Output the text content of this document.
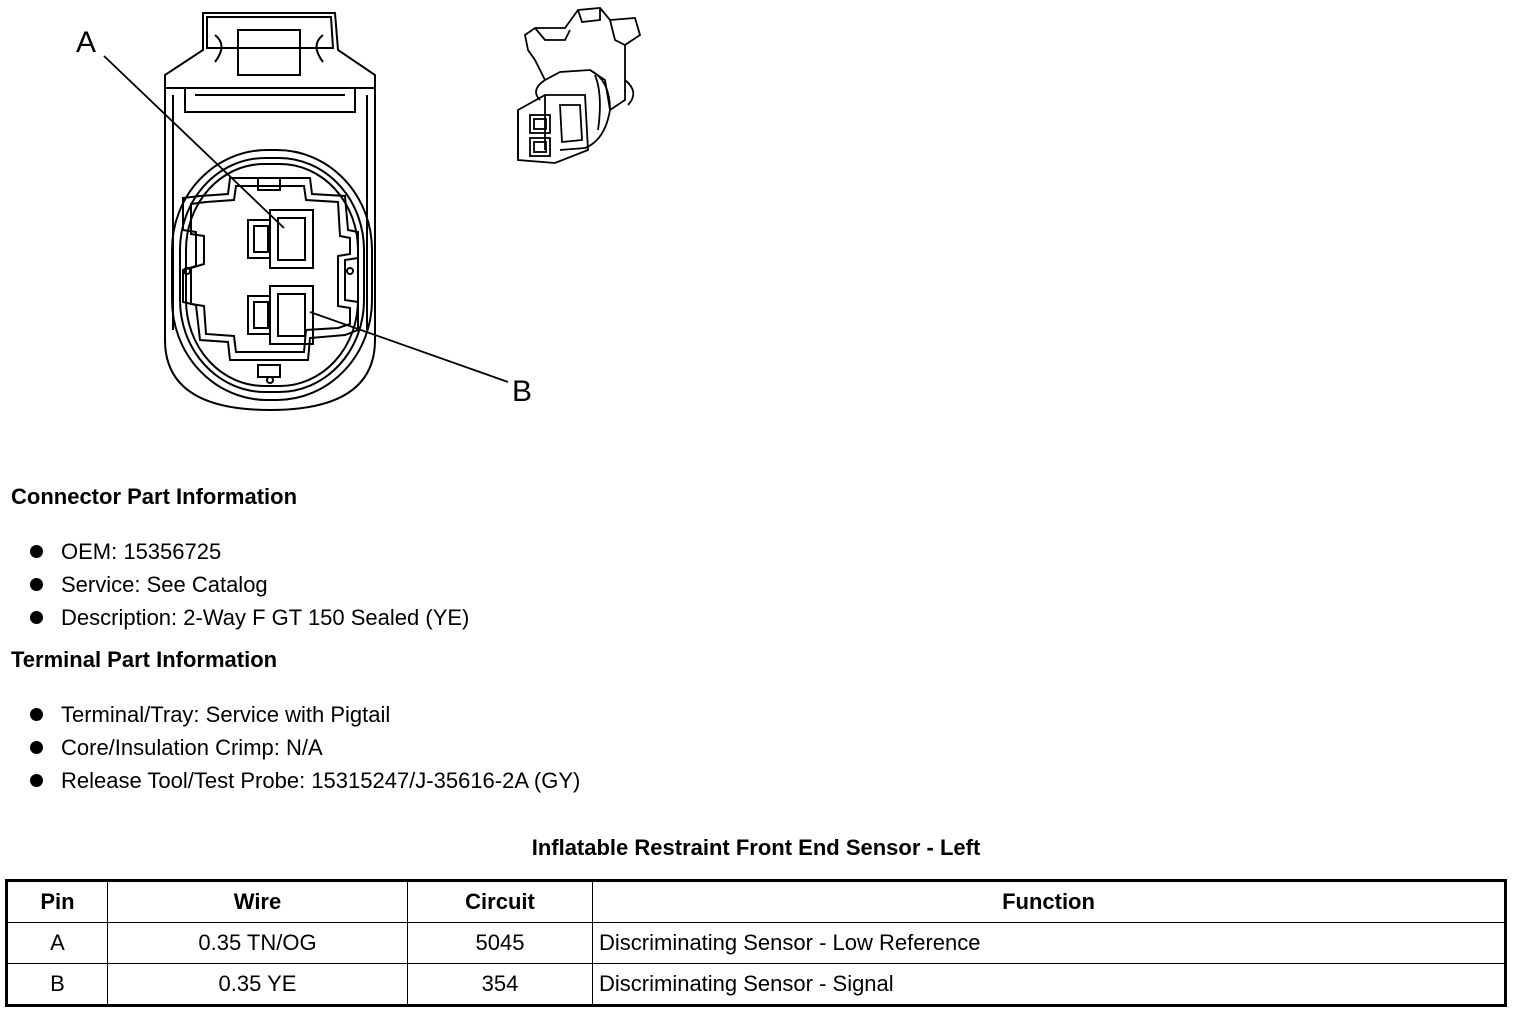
A
B
Connector Part Information
OEM: 15356725
Service: See Catalog
Description: 2-Way F GT 150 Sealed (YE)
Terminal Part Information
Terminal/Tray: Service with Pigtail
Core/Insulation Crimp: N/A
Release Tool/Test Probe: 15315247/J-35616-2A (GY)
Inflatable Restraint Front End Sensor - Left
Pin	Wire	Circuit	Function
A	0.35 TN/OG	5045	Discriminating Sensor - Low Reference
B	0.35 YE	354	Discriminating Sensor - Signal
